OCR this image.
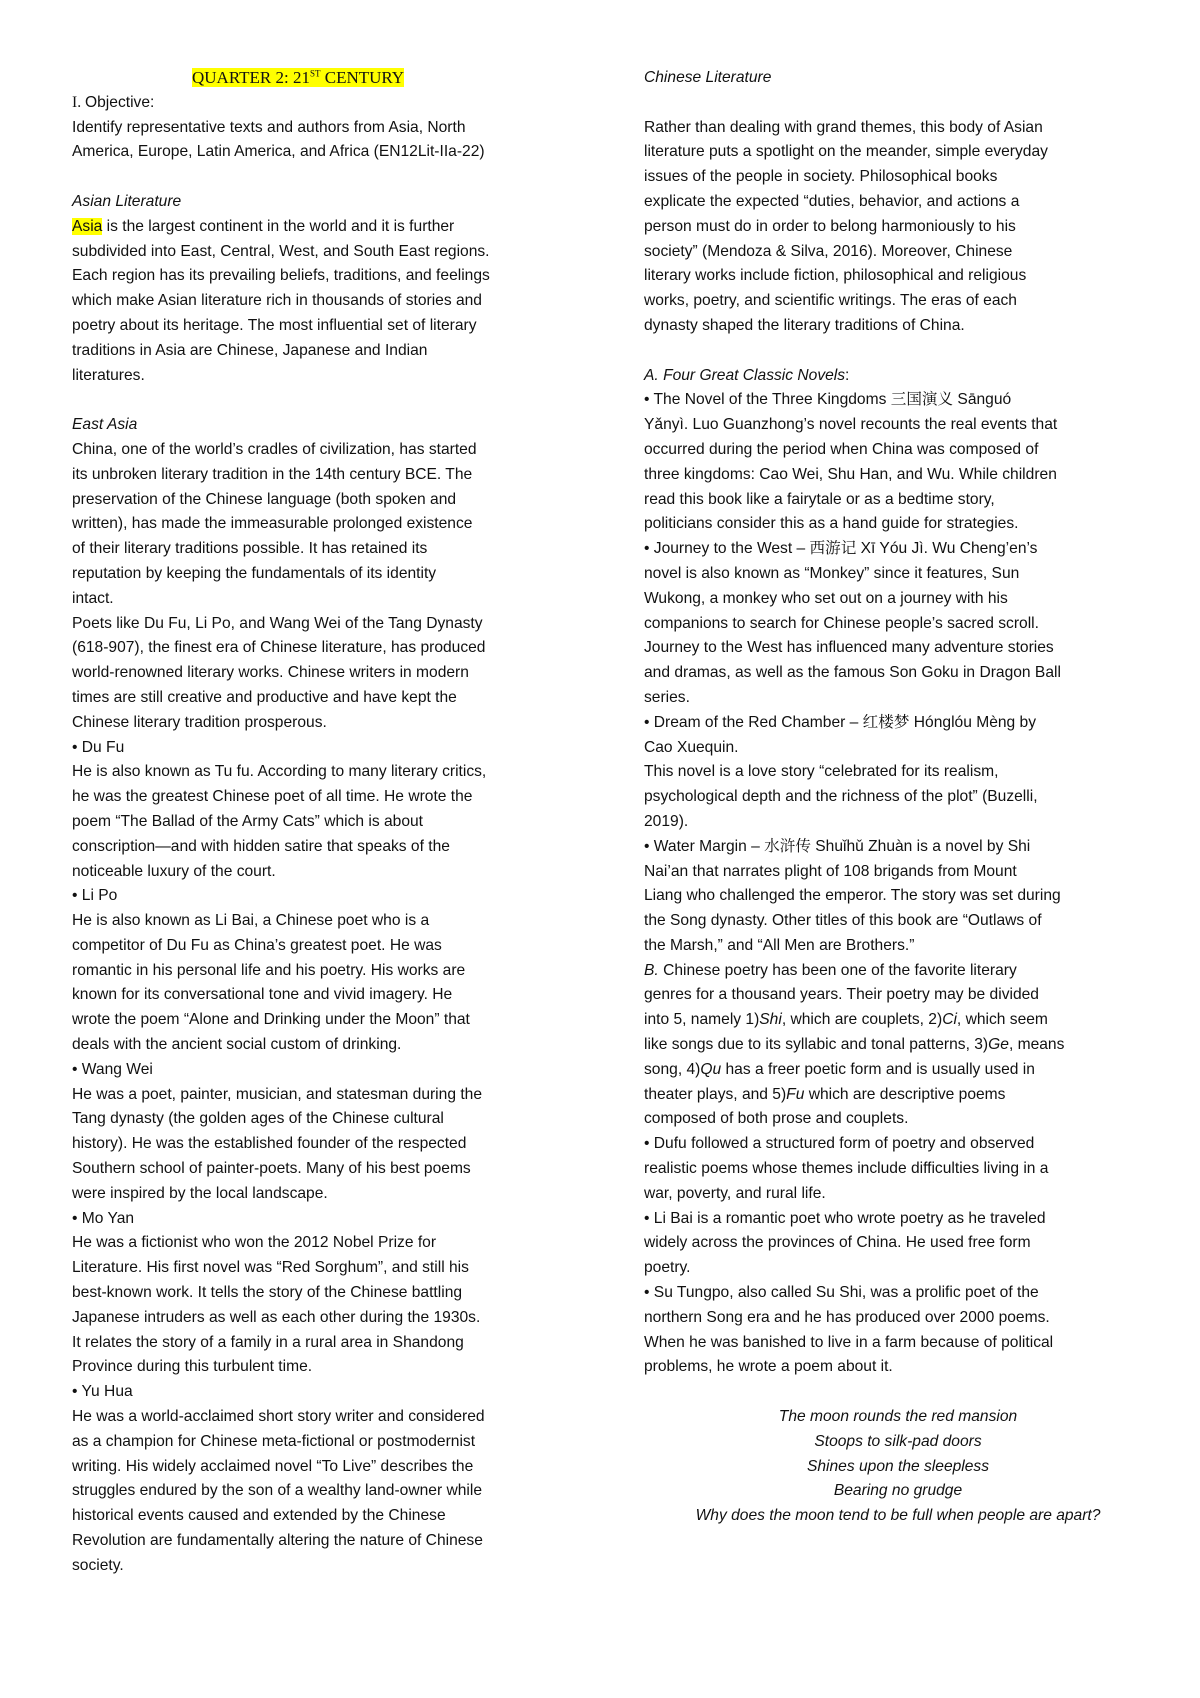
QUARTER 2: 21ST CENTURY

I. Objective:

Identify representative texts and authors from Asia, North

America, Europe, Latin America, and Africa (EN12Lit-IIa-22)

Asian Literature

Asia is the largest continent in the world and it is further

subdivided into East, Central, West, and South East regions.

Each region has its prevailing beliefs, traditions, and feelings

which make Asian literature rich in thousands of stories and

poetry about its heritage. The most influential set of literary

traditions in Asia are Chinese, Japanese and Indian

literatures.

East Asia

China, one of the world’s cradles of civilization, has started

its unbroken literary tradition in the 14th century BCE. The

preservation of the Chinese language (both spoken and

written), has made the immeasurable prolonged existence

of their literary traditions possible. It has retained its

reputation by keeping the fundamentals of its identity

intact.

Poets like Du Fu, Li Po, and Wang Wei of the Tang Dynasty

(618-907), the finest era of Chinese literature, has produced

world-renowned literary works. Chinese writers in modern

times are still creative and productive and have kept the

Chinese literary tradition prosperous.

• Du Fu

He is also known as Tu fu. According to many literary critics,

he was the greatest Chinese poet of all time. He wrote the

poem “The Ballad of the Army Cats” which is about

conscription—and with hidden satire that speaks of the

noticeable luxury of the court.

• Li Po

He is also known as Li Bai, a Chinese poet who is a

competitor of Du Fu as China’s greatest poet. He was

romantic in his personal life and his poetry. His works are

known for its conversational tone and vivid imagery. He

wrote the poem “Alone and Drinking under the Moon” that

deals with the ancient social custom of drinking.

• Wang Wei

He was a poet, painter, musician, and statesman during the

Tang dynasty (the golden ages of the Chinese cultural

history). He was the established founder of the respected

Southern school of painter-poets. Many of his best poems

were inspired by the local landscape.

• Mo Yan

He was a fictionist who won the 2012 Nobel Prize for

Literature. His first novel was “Red Sorghum”, and still his

best-known work. It tells the story of the Chinese battling

Japanese intruders as well as each other during the 1930s.

It relates the story of a family in a rural area in Shandong

Province during this turbulent time.

• Yu Hua

He was a world-acclaimed short story writer and considered

as a champion for Chinese meta-fictional or postmodernist

writing. His widely acclaimed novel “To Live” describes the

struggles endured by the son of a wealthy land-owner while

historical events caused and extended by the Chinese

Revolution are fundamentally altering the nature of Chinese

society.

Chinese Literature

Rather than dealing with grand themes, this body of Asian

literature puts a spotlight on the meander, simple everyday

issues of the people in society. Philosophical books

explicate the expected “duties, behavior, and actions a

person must do in order to belong harmoniously to his

society” (Mendoza & Silva, 2016). Moreover, Chinese

literary works include fiction, philosophical and religious

works, poetry, and scientific writings. The eras of each

dynasty shaped the literary traditions of China.

A. Four Great Classic Novels:

• The Novel of the Three Kingdoms 三国演义 Sānguó

Yǎnyì. Luo Guanzhong’s novel recounts the real events that

occurred during the period when China was composed of

three kingdoms: Cao Wei, Shu Han, and Wu. While children

read this book like a fairytale or as a bedtime story,

politicians consider this as a hand guide for strategies.

• Journey to the West – 西游记 Xī Yóu Jì. Wu Cheng’en’s

novel is also known as “Monkey” since it features, Sun

Wukong, a monkey who set out on a journey with his

companions to search for Chinese people’s sacred scroll.

Journey to the West has influenced many adventure stories

and dramas, as well as the famous Son Goku in Dragon Ball

series.

• Dream of the Red Chamber – 红楼梦 Hónglóu Mèng by

Cao Xuequin.

This novel is a love story “celebrated for its realism,

psychological depth and the richness of the plot” (Buzelli,

2019).

• Water Margin – 水浒传 Shuǐhǔ Zhuàn is a novel by Shi

Nai’an that narrates plight of 108 brigands from Mount

Liang who challenged the emperor. The story was set during

the Song dynasty. Other titles of this book are “Outlaws of

the Marsh,” and “All Men are Brothers.”

B. Chinese poetry has been one of the favorite literary

genres for a thousand years. Their poetry may be divided

into 5, namely 1)Shi, which are couplets, 2)Ci, which seem

like songs due to its syllabic and tonal patterns, 3)Ge, means

song, 4)Qu has a freer poetic form and is usually used in

theater plays, and 5)Fu which are descriptive poems

composed of both prose and couplets.

• Dufu followed a structured form of poetry and observed

realistic poems whose themes include difficulties living in a

war, poverty, and rural life.

• Li Bai is a romantic poet who wrote poetry as he traveled

widely across the provinces of China. He used free form

poetry.

• Su Tungpo, also called Su Shi, was a prolific poet of the

northern Song era and he has produced over 2000 poems.

When he was banished to live in a farm because of political

problems, he wrote a poem about it.

The moon rounds the red mansion

Stoops to silk-pad doors

Shines upon the sleepless

Bearing no grudge

Why does the moon tend to be full when people are apart?
